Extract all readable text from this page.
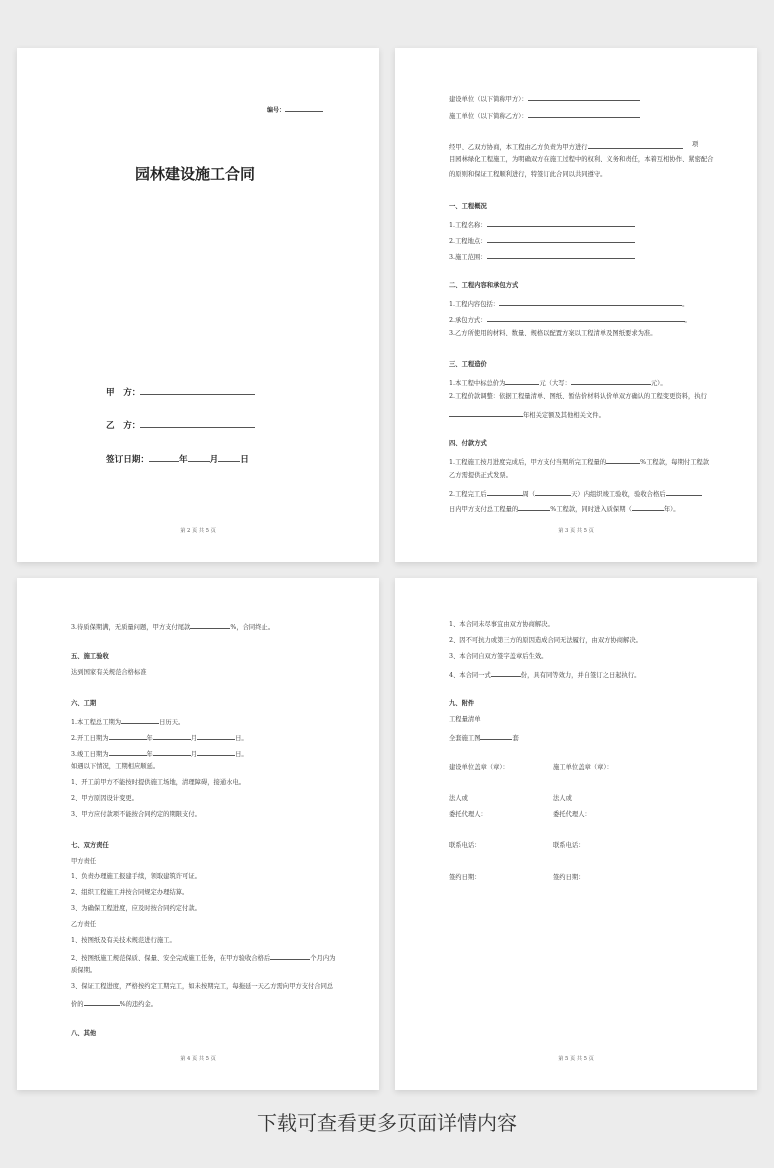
编号：
园林建设施工合同
甲　方：
乙　方：
签订日期：	年	月	日
第 2 页 共 5 页
建设单位（以下简称甲方）：
施工单位（以下简称乙方）：
经甲、乙双方协商，本工程由乙方负责为甲方进行	项
目园林绿化工程施工，为明确双方在施工过程中的权利、义务和责任，本着互相协作、紧密配合
的原则和保证工程顺利进行，特签订此合同以共同遵守。
一、工程概况
1.工程名称：
2.工程地点：
3.施工范围：
二、工程内容和承包方式
1.工程内容包括：	。
2.承包方式：	。
3.乙方所使用的材料、数量、规格以配置方案以工程清单及图纸要求为准。
三、工程造价
1.本工程中标总价为	元（大写：	元）。
2.工程价款调整：依据工程量清单、图纸、暂估价材料认价单双方确认的工程变更资料，执行
年相关定额及其他相关文件。
四、付款方式
1.工程施工按月进度完成后，甲方支付当期所完工程量的	%工程款，每期付工程款
乙方需提供正式发票。
2.工程完工后	周（	天）内组织竣工验收，验收合格后
日内甲方支付总工程量的	%工程款，同时进入质保期（	年）。
第 3 页 共 5 页
3.待质保期满，无质量问题，甲方支付尾款	%，合同终止。
五、施工验收
达到国家有关规范合格标准
六、工期
1.本工程总工期为	日历天。
2.开工日期为	年	月	日。
3.竣工日期为	年	月	日。
如遇以下情况，工期相应顺延。
1、开工前甲方不能按时提供施工场地，清理障碍，接通水电。
2、甲方原因设计变更。
3、甲方应付款项不能按合同约定的期限支付。
七、双方责任
甲方责任
1、负责办理施工报建手续，领取建筑许可证。
2、组织工程施工并按合同规定办理结算。
3、为确保工程进度，应及时按合同约定付款。
乙方责任
1、按图纸及有关技术规范进行施工。
2、按图纸施工规范保质、保量、安全完成施工任务，在甲方验收合格后	个月内为
质保期。
3、保证工程进度，严格按约定工期完工，如未按期完工，每拖延一天乙方需向甲方支付合同总
价的	%的违约金。
八、其他
第 4 页 共 5 页
1、本合同未尽事宜由双方协商解决。
2、因不可抗力或第三方的原因造成合同无法履行，由双方协商解决。
3、本合同自双方签字盖章后生效。
4、本合同一式	份，具有同等效力，并自签订之日起执行。
九、附件
工程量清单
全套施工图	套
建设单位盖章（章）：	施工单位盖章（章）：
法人或	法人或
委托代理人：	委托代理人：
联系电话：	联系电话：
签约日期：	签约日期：
第 5 页 共 5 页
下载可查看更多页面详情内容
